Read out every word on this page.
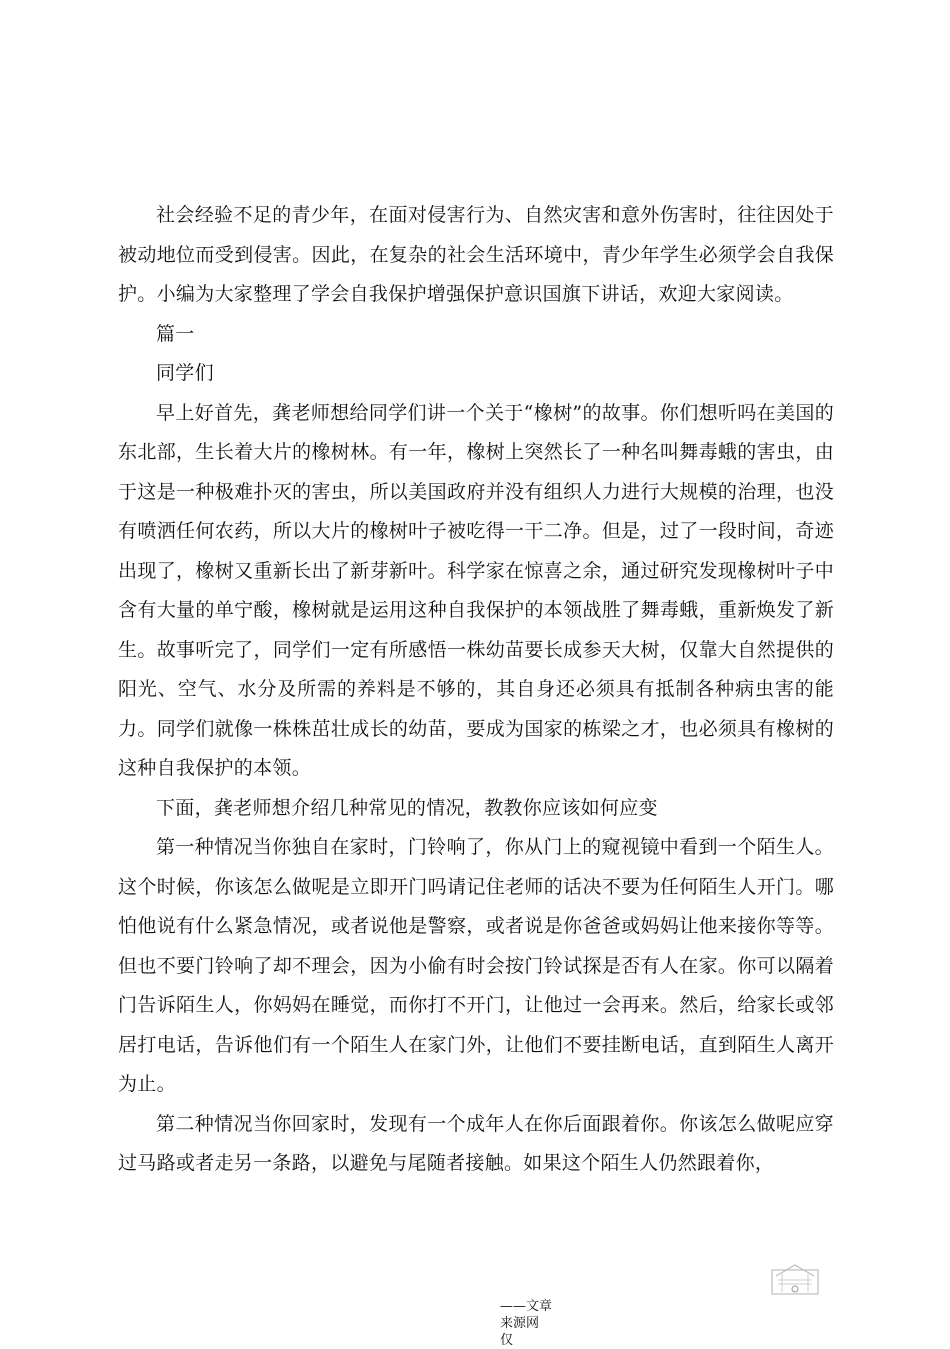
社会经验不足的青少年，在面对侵害行为、自然灾害和意外伤害时，往往因处于被动地位而受到侵害。因此，在复杂的社会生活环境中，青少年学生必须学会自我保护。小编为大家整理了学会自我保护增强保护意识国旗下讲话，欢迎大家阅读。

篇一

同学们

早上好首先，龚老师想给同学们讲一个关于“橡树”的故事。你们想听吗在美国的东北部，生长着大片的橡树林。有一年，橡树上突然长了一种名叫舞毒蛾的害虫，由于这是一种极难扑灭的害虫，所以美国政府并没有组织人力进行大规模的治理，也没有喷洒任何农药，所以大片的橡树叶子被吃得一干二净。但是，过了一段时间，奇迹出现了，橡树又重新长出了新芽新叶。科学家在惊喜之余，通过研究发现橡树叶子中含有大量的单宁酸，橡树就是运用这种自我保护的本领战胜了舞毒蛾，重新焕发了新生。故事听完了，同学们一定有所感悟一株幼苗要长成参天大树，仅靠大自然提供的阳光、空气、水分及所需的养料是不够的，其自身还必须具有抵制各种病虫害的能力。同学们就像一株株茁壮成长的幼苗，要成为国家的栋梁之才，也必须具有橡树的这种自我保护的本领。

下面，龚老师想介绍几种常见的情况，教教你应该如何应变

第一种情况当你独自在家时，门铃响了，你从门上的窥视镜中看到一个陌生人。这个时候，你该怎么做呢是立即开门吗请记住老师的话决不要为任何陌生人开门。哪怕他说有什么紧急情况，或者说他是警察，或者说是你爸爸或妈妈让他来接你等等。但也不要门铃响了却不理会，因为小偷有时会按门铃试探是否有人在家。你可以隔着门告诉陌生人，你妈妈在睡觉，而你打不开门，让他过一会再来。然后，给家长或邻居打电话，告诉他们有一个陌生人在家门外，让他们不要挂断电话，直到陌生人离开为止。

第二种情况当你回家时，发现有一个成年人在你后面跟着你。你该怎么做呢应穿过马路或者走另一条路，以避免与尾随者接触。如果这个陌生人仍然跟着你，

——文章来源网 仅
